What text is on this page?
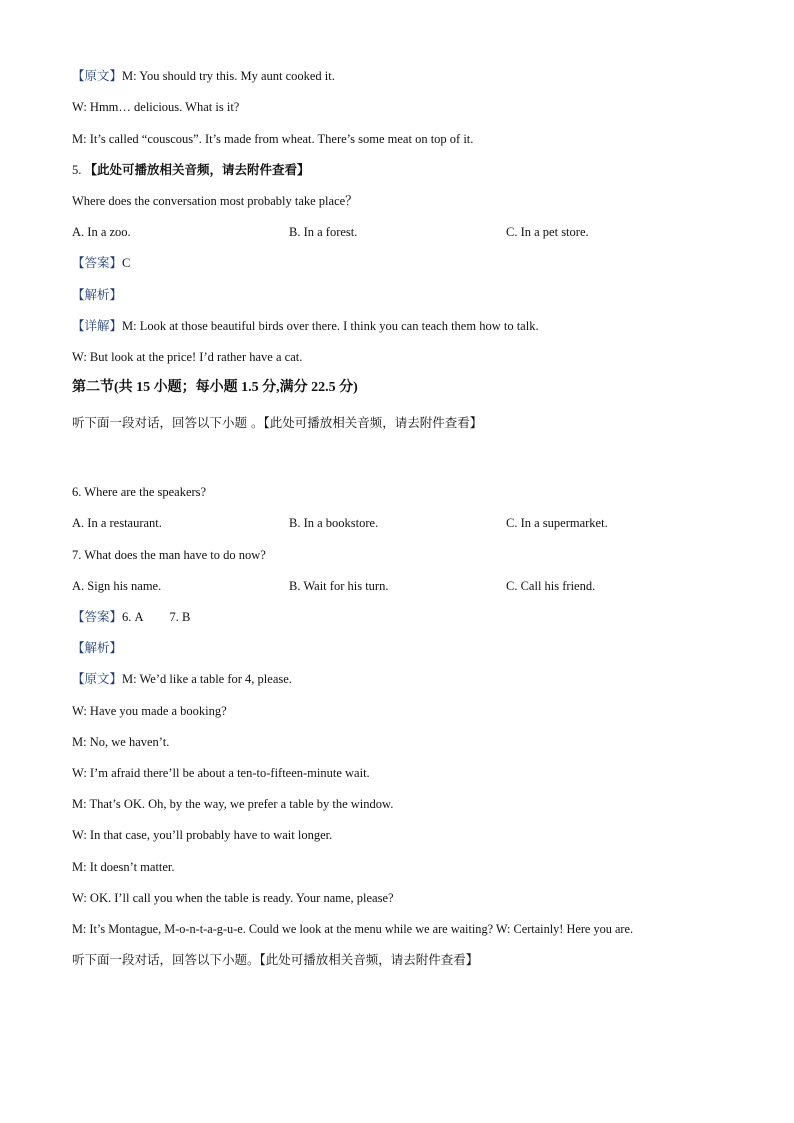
【原文】M: You should try this. My aunt cooked it.
W: Hmm… delicious. What is it?
M: It’s called “couscous”. It’s made from wheat. There’s some meat on top of it.
5. 【此处可播放相关音频，请去附件查看】
Where does the conversation most probably take place？
A. In a zoo.	B. In a forest.	C. In a pet store.
【答案】C
【解析】
【详解】M: Look at those beautiful birds over there. I think you can teach them how to talk.
W: But look at the price! I’d rather have a cat.
第二节(共 15 小题；每小题 1.5 分,满分 22.5 分)
听下面一段对话，回答以下小题 。【此处可播放相关音频，请去附件查看】
6. Where are the speakers?
A. In a restaurant.	B. In a bookstore.	C. In a supermarket.
7. What does the man have to do now?
A. Sign his name.	B. Wait for his turn.	C. Call his friend.
【答案】6. A 7. B
【解析】
【原文】M: We’d like a table for 4, please.
W: Have you made a booking?
M: No, we haven’t.
W: I’m afraid there’ll be about a ten-to-fifteen-minute wait.
M: That’s OK. Oh, by the way, we prefer a table by the window.
W: In that case, you’ll probably have to wait longer.
M: It doesn’t matter.
W: OK. I’ll call you when the table is ready. Your name, please?
M: It’s Montague, M-o-n-t-a-g-u-e. Could we look at the menu while we are waiting? W: Certainly! Here you are.
听下面一段对话，回答以下小题。【此处可播放相关音频，请去附件查看】
